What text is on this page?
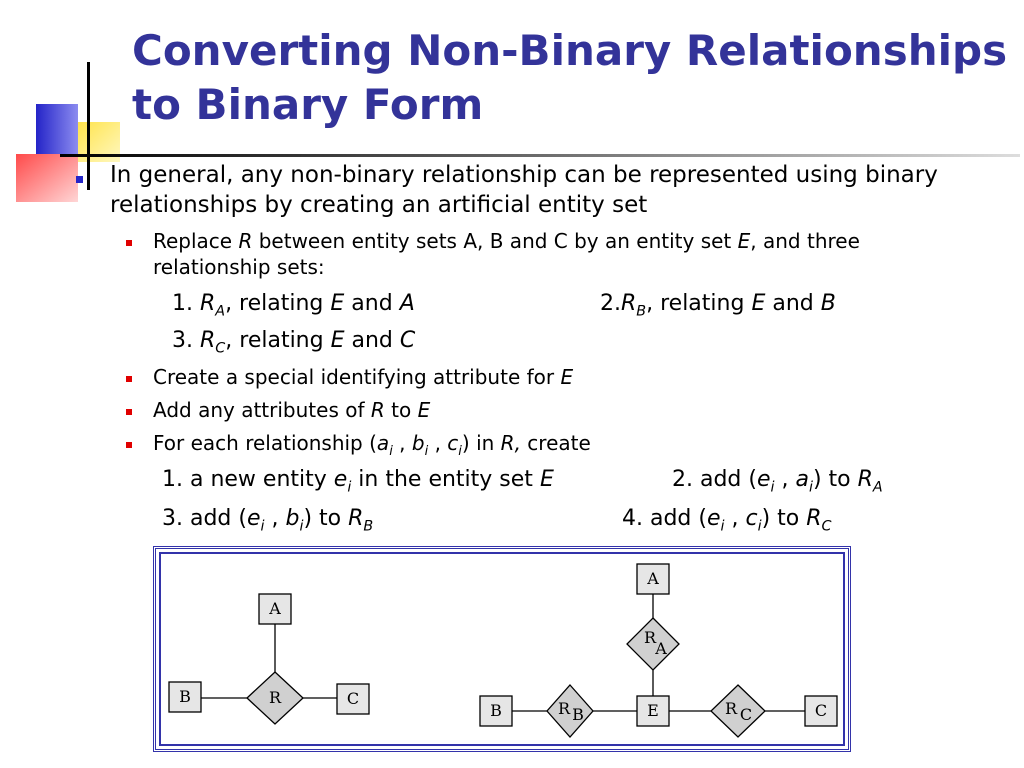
Converting Non-Binary Relationships to Binary Form
In general, any non-binary relationship can be represented using binary relationships by creating an artificial entity set
Replace R between entity sets A, B and C by an entity set E, and three relationship sets:
1. $R_A$, relating E and A	$2.R_B$, relating E and B
3. $R_C$, relating E and C
Create a special identifying attribute for E
Add any attributes of R to E
For each relationship ($a_i$ , $b_i$ , $c_i$) in R, create
1. a new entity $e_i$ in the entity set E	2. add ($e_i$ , $a_i$) to $R_A$
3. add ($e_i$ , $b_i$) to $R_B$	4. add ($e_i$ , $c_i$) to $R_C$
A
B	R	C
A
R
A
B	R B	E	R C	C
